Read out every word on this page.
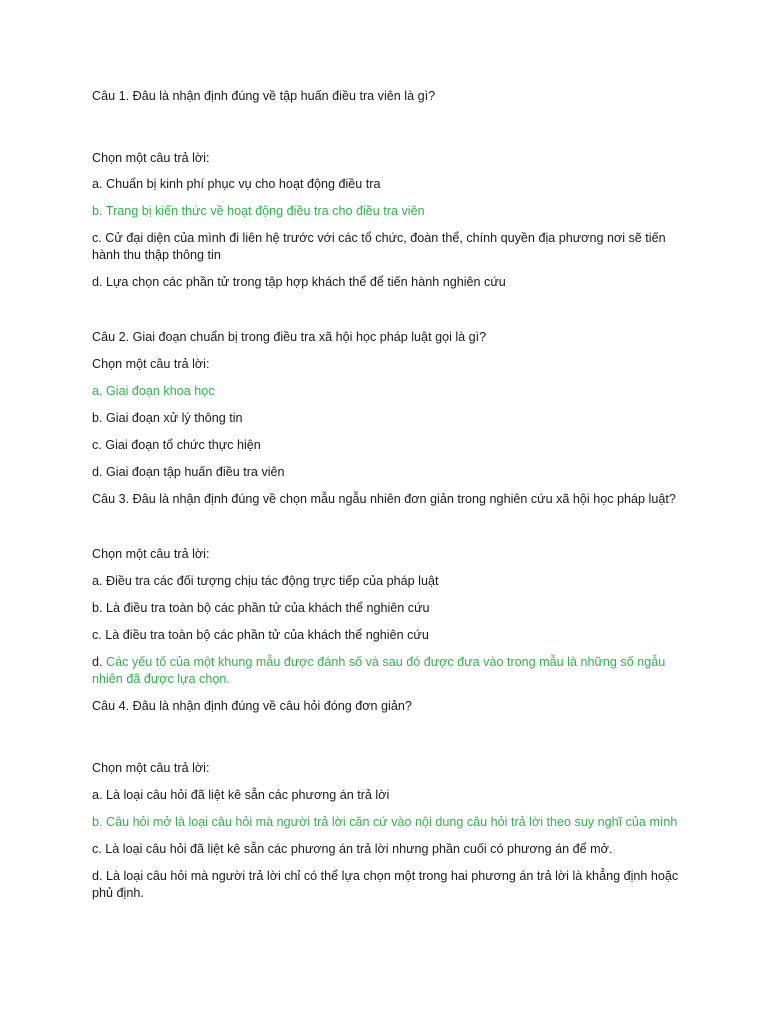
Câu 1. Đâu là nhận định đúng về tập huấn điều tra viên là gì?

Chọn một câu trả lời:

a. Chuẩn bị kinh phí phục vụ cho hoạt động điều tra

b. Trang bị kiến thức về hoạt động điều tra cho điều tra viên

c. Cử đại diện của mình đi liên hệ trước với các tổ chức, đoàn thể, chính quyền địa phương nơi sẽ tiến hành thu thập thông tin

d. Lựa chọn các phần tử trong tập hợp khách thể để tiến hành nghiên cứu

Câu 2. Giai đoạn chuẩn bị trong điều tra xã hội học pháp luật gọi là gì?

Chọn một câu trả lời:

a. Giai đoạn khoa học

b. Giai đoạn xử lý thông tin

c. Giai đoạn tổ chức thực hiện

d. Giai đoạn tập huấn điều tra viên

Câu 3. Đâu là nhận định đúng về chọn mẫu ngẫu nhiên đơn giản trong nghiên cứu xã hội học pháp luật?

Chọn một câu trả lời:

a. Điều tra các đối tượng chịu tác động trực tiếp của pháp luật

b. Là điều tra toàn bộ các phần tử của khách thể nghiên cứu

c. Là điều tra toàn bộ các phần tử của khách thể nghiên cứu

d. Các yếu tố của một khung mẫu được đánh số và sau đó được đưa vào trong mẫu là những số ngẫu nhiên đã được lựa chọn.

Câu 4. Đâu là nhận định đúng về câu hỏi đóng đơn giản?

Chọn một câu trả lời:

a. Là loại câu hỏi đã liệt kê sẵn các phương án trả lời

b. Câu hỏi mở là loại câu hỏi mà người trả lời căn cứ vào nội dung câu hỏi trả lời theo suy nghĩ của mình

c. Là loại câu hỏi đã liệt kê sẵn các phương án trả lời nhưng phần cuối có phương án để mở.

d. Là loại câu hỏi mà người trả lời chỉ có thể lựa chọn một trong hai phương án trả lời là khẳng định hoặc phủ định.
